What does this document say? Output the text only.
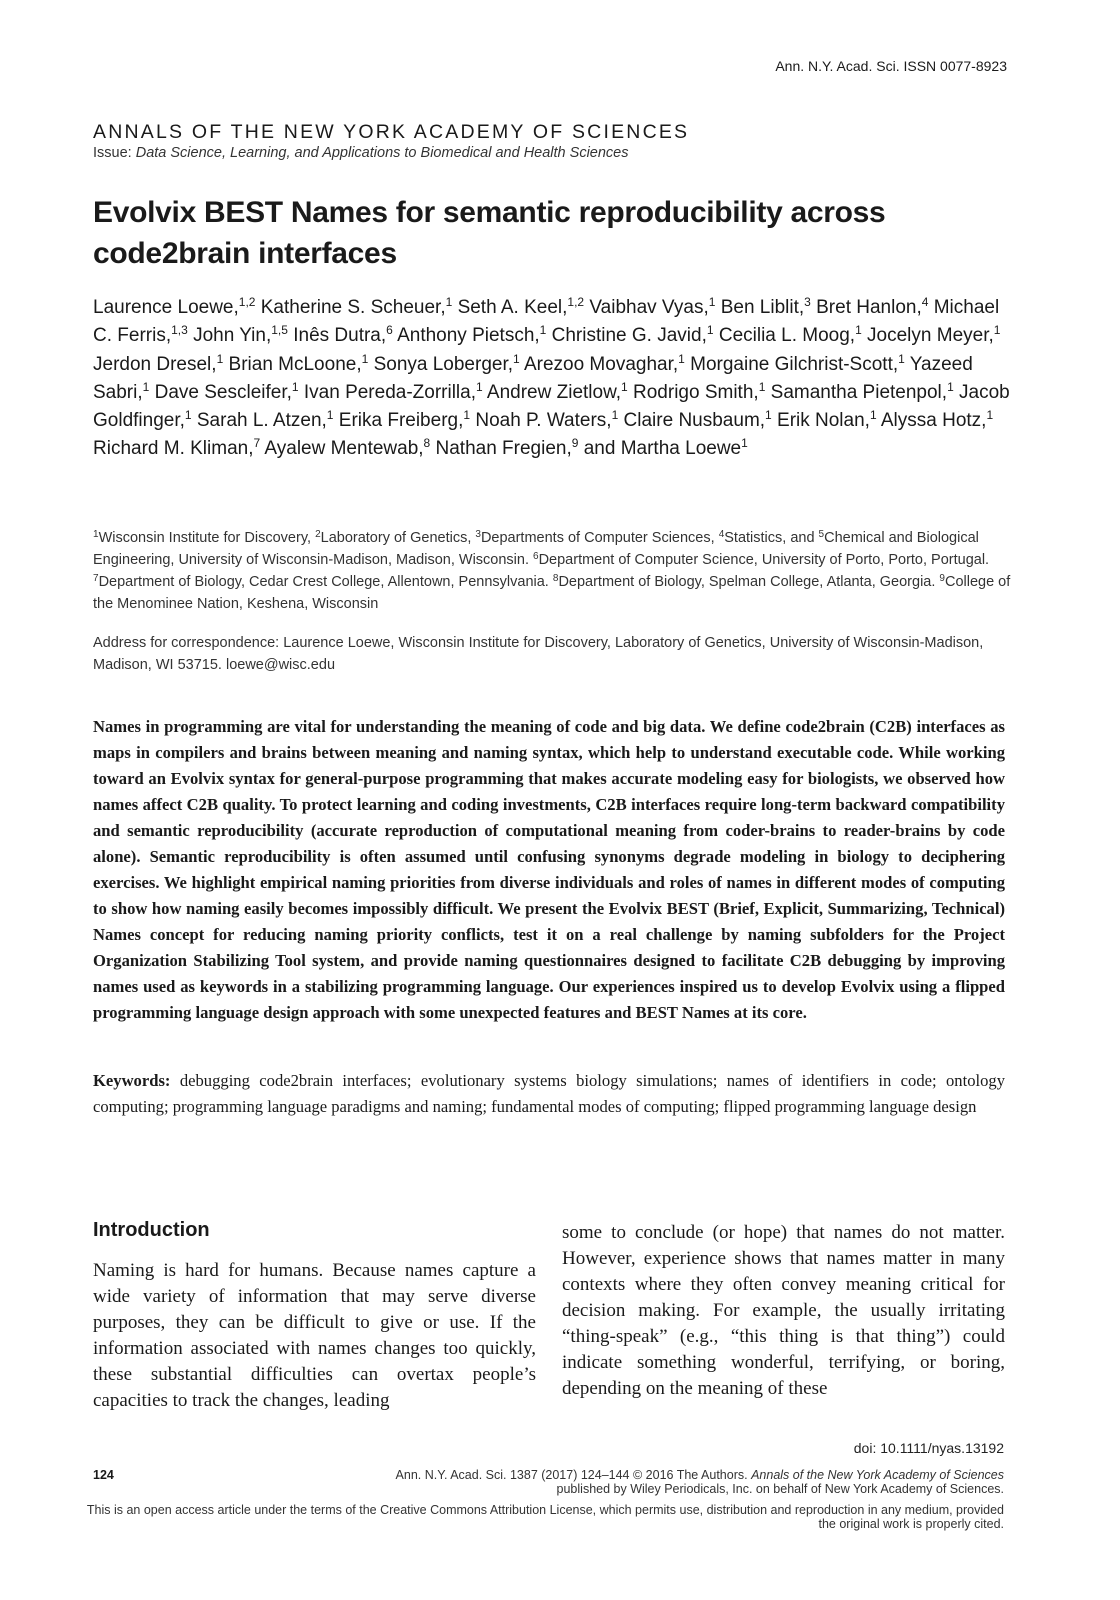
Ann. N.Y. Acad. Sci. ISSN 0077-8923
ANNALS OF THE NEW YORK ACADEMY OF SCIENCES
Issue: Data Science, Learning, and Applications to Biomedical and Health Sciences
Evolvix BEST Names for semantic reproducibility across code2brain interfaces
Laurence Loewe,$^{1,2}$ Katherine S. Scheuer,$^1$ Seth A. Keel,$^{1,2}$ Vaibhav Vyas,$^1$ Ben Liblit,$^3$ Bret Hanlon,$^4$ Michael C. Ferris,$^{1,3}$ John Yin,$^{1,5}$ Inês Dutra,$^6$ Anthony Pietsch,$^1$ Christine G. Javid,$^1$ Cecilia L. Moog,$^1$ Jocelyn Meyer,$^1$ Jerdon Dresel,$^1$ Brian McLoone,$^1$ Sonya Loberger,$^1$ Arezoo Movaghar,$^1$ Morgaine Gilchrist-Scott,$^1$ Yazeed Sabri,$^1$ Dave Sescleifer,$^1$ Ivan Pereda-Zorrilla,$^1$ Andrew Zietlow,$^1$ Rodrigo Smith,$^1$ Samantha Pietenpol,$^1$ Jacob Goldfinger,$^1$ Sarah L. Atzen,$^1$ Erika Freiberg,$^1$ Noah P. Waters,$^1$ Claire Nusbaum,$^1$ Erik Nolan,$^1$ Alyssa Hotz,$^1$ Richard M. Kliman,$^7$ Ayalew Mentewab,$^8$ Nathan Fregien,$^9$ and Martha Loewe$^1$
$^1$Wisconsin Institute for Discovery, $^2$Laboratory of Genetics, $^3$Departments of Computer Sciences, $^4$Statistics, and $^5$Chemical and Biological Engineering, University of Wisconsin-Madison, Madison, Wisconsin. $^6$Department of Computer Science, University of Porto, Porto, Portugal. $^7$Department of Biology, Cedar Crest College, Allentown, Pennsylvania. $^8$Department of Biology, Spelman College, Atlanta, Georgia. $^9$College of the Menominee Nation, Keshena, Wisconsin
Address for correspondence: Laurence Loewe, Wisconsin Institute for Discovery, Laboratory of Genetics, University of Wisconsin-Madison, Madison, WI 53715. loewe@wisc.edu

Names in programming are vital for understanding the meaning of code and big data. We define code2brain (C2B) interfaces as maps in compilers and brains between meaning and naming syntax, which help to understand executable code. While working toward an Evolvix syntax for general-purpose programming that makes accurate modeling easy for biologists, we observed how names affect C2B quality. To protect learning and coding investments, C2B interfaces require long-term backward compatibility and semantic reproducibility (accurate reproduction of computational meaning from coder-brains to reader-brains by code alone). Semantic reproducibility is often assumed until confusing synonyms degrade modeling in biology to deciphering exercises. We highlight empirical naming priorities from diverse individuals and roles of names in different modes of computing to show how naming easily becomes impossibly difficult. We present the Evolvix BEST (Brief, Explicit, Summarizing, Technical) Names concept for reducing naming priority conflicts, test it on a real challenge by naming subfolders for the Project Organization Stabilizing Tool system, and provide naming questionnaires designed to facilitate C2B debugging by improving names used as keywords in a stabilizing programming language. Our experiences inspired us to develop Evolvix using a flipped programming language design approach with some unexpected features and BEST Names at its core.

Keywords: debugging code2brain interfaces; evolutionary systems biology simulations; names of identifiers in code; ontology computing; programming language paradigms and naming; fundamental modes of computing; flipped programming language design

Introduction

Naming is hard for humans. Because names capture a wide variety of information that may serve diverse purposes, they can be difficult to give or use. If the information associated with names changes too quickly, these substantial difficulties can overtax people’s capacities to track the changes, leading

some to conclude (or hope) that names do not matter. However, experience shows that names matter in many contexts where they often convey meaning critical for decision making. For example, the usually irritating “thing-speak” (e.g., “this thing is that thing”) could indicate something wonderful, terrifying, or boring, depending on the meaning of these

doi: 10.1111/nyas.13192
124	Ann. N.Y. Acad. Sci. 1387 (2017) 124–144 © 2016 The Authors. Annals of the New York Academy of Sciences
published by Wiley Periodicals, Inc. on behalf of New York Academy of Sciences.
This is an open access article under the terms of the Creative Commons Attribution License, which permits use, distribution and reproduction in any medium, provided the original work is properly cited.
